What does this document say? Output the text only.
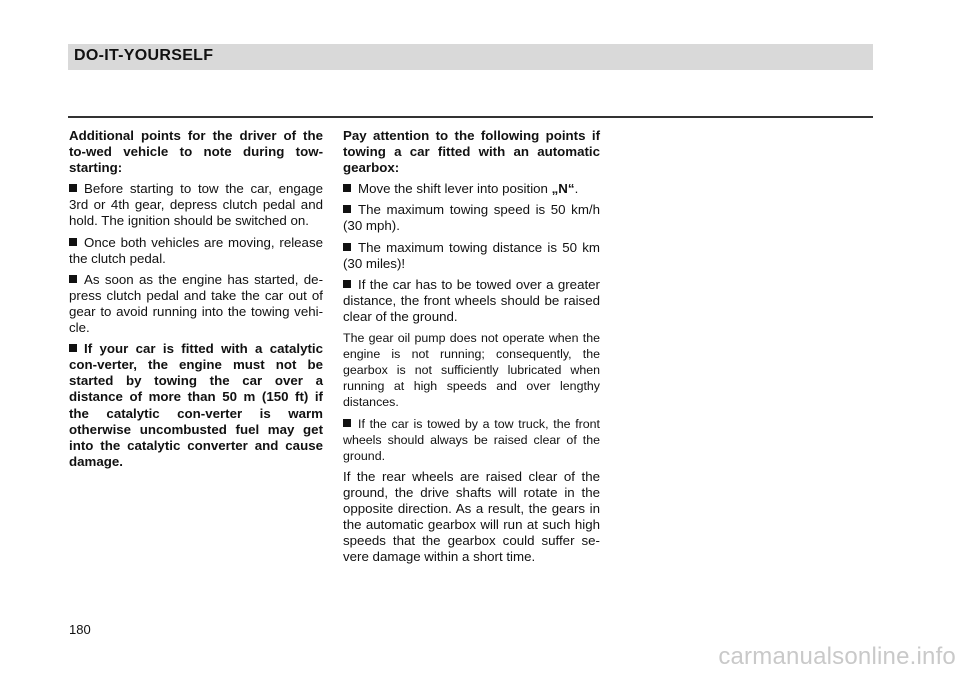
DO-IT-YOURSELF

Additional points for the driver of the to-wed vehicle to note during tow-starting:

Before starting to tow the car, engage 3rd or 4th gear, depress clutch pedal and hold. The ignition should be switched on.

Once both vehicles are moving, release the clutch pedal.

As soon as the engine has started, de-press clutch pedal and take the car out of gear to avoid running into the towing vehi-cle.

If your car is fitted with a catalytic con-verter, the engine must not be started by towing the car over a distance of more than 50 m (150 ft) if the catalytic con-verter is warm otherwise uncombusted fuel may get into the catalytic converter and cause damage.

Pay attention to the following points if towing a car fitted with an automatic gearbox:

Move the shift lever into position „N“.

The maximum towing speed is 50 km/h (30 mph).

The maximum towing distance is 50 km (30 miles)!

If the car has to be towed over a greater distance, the front wheels should be raised clear of the ground.

The gear oil pump does not operate when the engine is not running; consequently, the gearbox is not sufficiently lubricated when running at high speeds and over lengthy distances.

If the car is towed by a tow truck, the front wheels should always be raised clear of the ground.

If the rear wheels are raised clear of the ground, the drive shafts will rotate in the opposite direction. As a result, the gears in the automatic gearbox will run at such high speeds that the gearbox could suffer se-vere damage within a short time.

180
carmanualsonline.info
